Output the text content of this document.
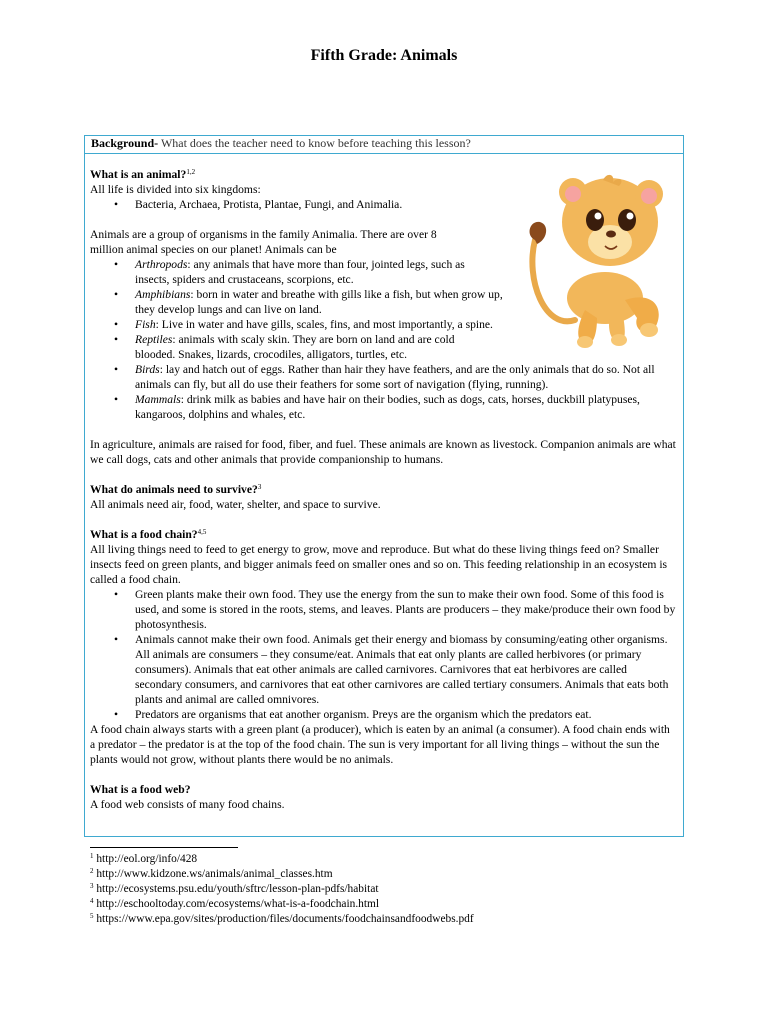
Fifth Grade: Animals
Background- What does the teacher need to know before teaching this lesson?

What is an animal?$^{1,2}$

All life is divided into six kingdoms:

• Bacteria, Archaea, Protista, Plantae, Fungi, and Animalia.

Animals are a group of organisms in the family Animalia. There are over 8

million animal species on our planet! Animals can be

• Arthropods: any animals that have more than four, jointed legs, such as insects, spiders and crustaceans, scorpions, etc.
• Amphibians: born in water and breathe with gills like a fish, but when grow up, they develop lungs and can live on land.
• Fish: Live in water and have gills, scales, fins, and most importantly, a spine.
• Reptiles: animals with scaly skin. They are born on land and are cold blooded. Snakes, lizards, crocodiles, alligators, turtles, etc.
• Birds: lay and hatch out of eggs. Rather than hair they have feathers, and are the only animals that do so. Not all animals can fly, but all do use their feathers for some sort of navigation (flying, running).
• Mammals: drink milk as babies and have hair on their bodies, such as dogs, cats, horses, duckbill platypuses, kangaroos, dolphins and whales, etc.

In agriculture, animals are raised for food, fiber, and fuel. These animals are known as livestock. Companion animals are what we call dogs, cats and other animals that provide companionship to humans.

What do animals need to survive?$^3$

All animals need air, food, water, shelter, and space to survive.

What is a food chain?$^{4,5}$

All living things need to feed to get energy to grow, move and reproduce. But what do these living things feed on? Smaller insects feed on green plants, and bigger animals feed on smaller ones and so on. This feeding relationship in an ecosystem is called a food chain.

• Green plants make their own food. They use the energy from the sun to make their own food. Some of this food is used, and some is stored in the roots, stems, and leaves. Plants are producers – they make/produce their own food by photosynthesis.
• Animals cannot make their own food. Animals get their energy and biomass by consuming/eating other organisms. All animals are consumers – they consume/eat. Animals that eat only plants are called herbivores (or primary consumers). Animals that eat other animals are called carnivores. Carnivores that eat herbivores are called secondary consumers, and carnivores that eat other carnivores are called tertiary consumers. Animals that eats both plants and animal are called omnivores.
• Predators are organisms that eat another organism. Preys are the organism which the predators eat.

A food chain always starts with a green plant (a producer), which is eaten by an animal (a consumer). A food chain ends with a predator – the predator is at the top of the food chain. The sun is very important for all living things – without the sun the plants would not grow, without plants there would be no animals.

What is a food web?

A food web consists of many food chains.

$^1$ http://eol.org/info/428
$^2$ http://www.kidzone.ws/animals/animal_classes.htm
$^3$ http://ecosystems.psu.edu/youth/sftrc/lesson-plan-pdfs/habitat
$^4$ http://eschooltoday.com/ecosystems/what-is-a-foodchain.html
$^5$ https://www.epa.gov/sites/production/files/documents/foodchainsandfoodwebs.pdf
